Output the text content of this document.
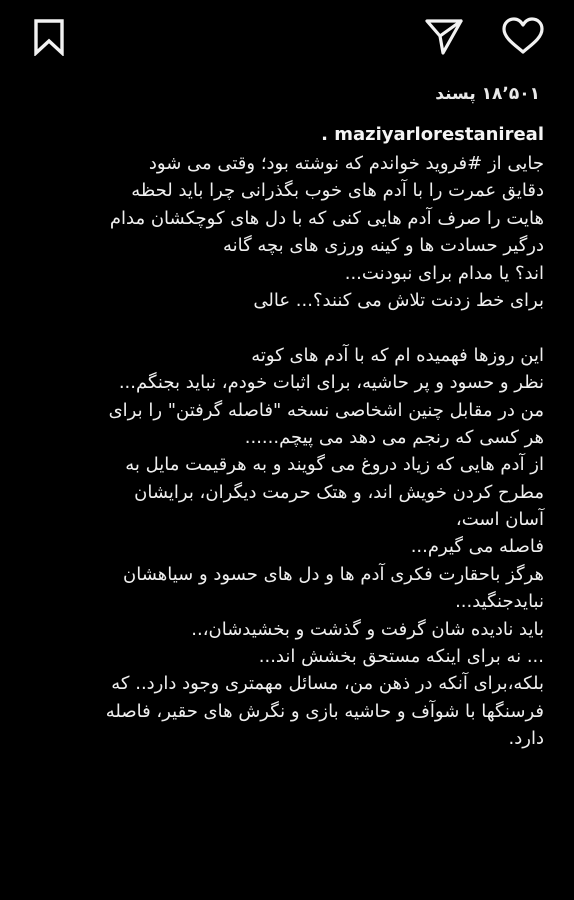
۱۸٬۵۰۱ پسند
maziyarlorestanireal .
جایی از #فروید خواندم که نوشته بود؛ وقتی می شود
دقایق عمرت را با آدم های خوب بگذرانی چرا باید لحظه
هایت را صرف آدم هایی کنی که با دل های کوچکشان مدام
درگیر حسادت ها و کینه ورزی های بچه گانه
اند؟ یا مدام برای نبودنت...
برای خط زدنت تلاش می کنند؟... عالی
این روزها فهمیده ام که با آدم های کوته
نظر و حسود و پر حاشیه، برای اثبات خودم، نباید بجنگم...
من در مقابل چنین اشخاصی نسخه "فاصله گرفتن" را برای
هر کسی که رنجم می دهد می پیچم......
از آدم هایی که زیاد دروغ می گویند و به هرقیمت مایل به
مطرح کردن خویش اند، و هتک حرمت دیگران، برایشان
آسان است،
فاصله می گیرم...
هرگز باحقارت فکری آدم ها و دل های حسود و سیاهشان
نبایدجنگید...
باید نادیده شان گرفت و گذشت و بخشیدشان،..
... نه برای اینکه مستحق بخشش اند...
بلکه،برای آنکه در ذهن من، مسائل مهمتری وجود دارد.. که
فرسنگها با شوآف و حاشیه بازی و نگرش های حقیر، فاصله
دارد.
